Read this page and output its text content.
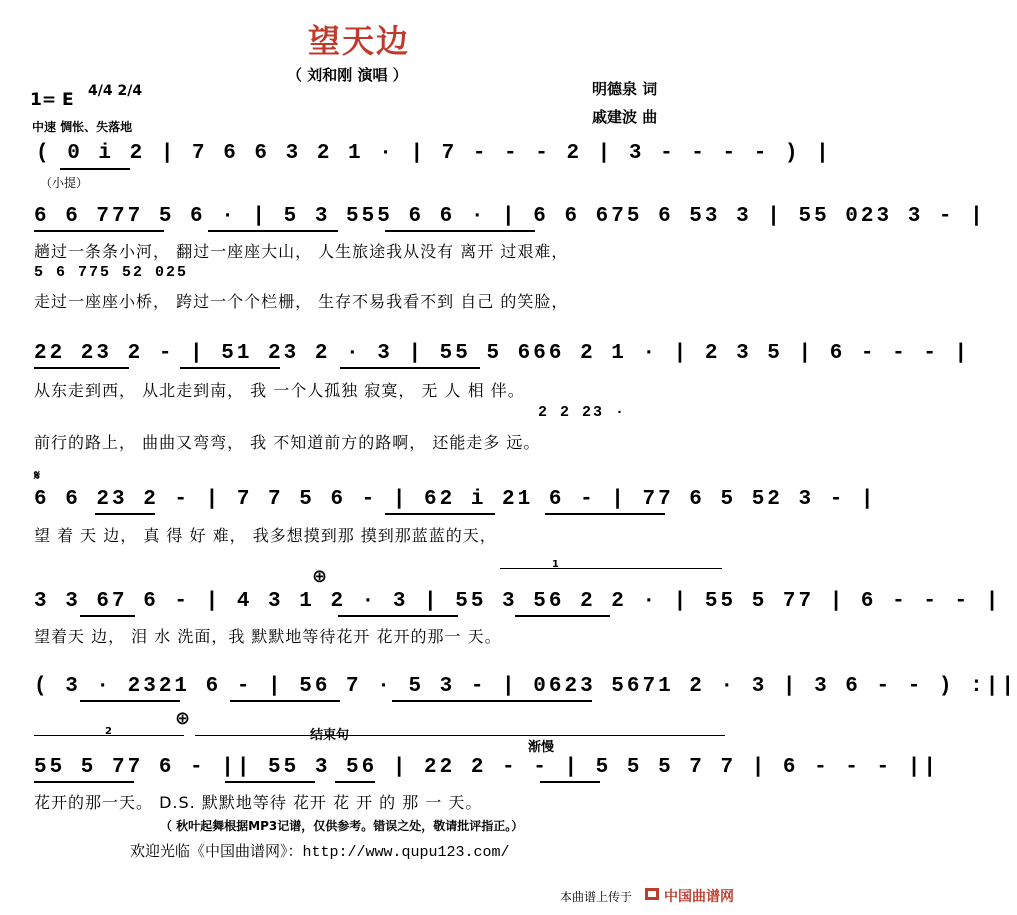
望天边
（ 刘和刚 演唱 ）
明德泉 词
戚建波 曲
1= E 4/4 2/4
中速 惆怅、失落地
( 0 i 2 | 7 6 6 3 2 1 · | 7 - - - 2 | 3 - - - - ) |
（小提）
6 6 777 5 6 · | 5 3 555 6 6 · | 6 6 675 6 53 3 | 55 023 3 - |
趟过一条条小河， 翻过一座座大山， 人生旅途我从没有 离开 过艰难，
5 6 775 52 025
走过一座座小桥， 跨过一个个栏栅， 生存不易我看不到 自己 的笑脸，
22 23 2 - | 51 23 2 · 3 | 55 5 666 2 1 · | 2 3 5 | 6 - - - |
从东走到西， 从北走到南， 我 一个人孤独 寂寞， 无 人 相 伴。
2 2 23 ·
前行的路上， 曲曲又弯弯， 我 不知道前方的路啊， 还能走多 远。
𝄋
6 6 23 2 - | 7 7 5 6 - | 62 i 21 6 - | 77 6 5 52 3 - |
望 着 天 边， 真 得 好 难， 我多想摸到那 摸到那蓝蓝的天，
1
⊕
3 3 67 6 - | 4 3 1 2 · 3 | 55 3 56 2 2 · | 55 5 77 | 6 - - - |
望着天 边， 泪 水 洗面，我 默默地等待花开 花开的那一 天。
( 3 · 2321 6 - | 56 7 · 5 3 - | 0623 5671 2 · 3 | 3 6 - - ) :||
2
⊕
结束句
渐慢
55 5 77 6 - || 55 3 56 | 22 2 - - | 5 5 5 7 7 | 6 - - - ||
花开的那一天。 D.S. 默默地等待 花开 花 开 的 那 一 天。
（ 秋叶起舞根据MP3记谱，仅供参考。错误之处，敬请批评指正。）
欢迎光临《中国曲谱网》：http://www.qupu123.com/
本曲谱上传于 中国曲谱网
